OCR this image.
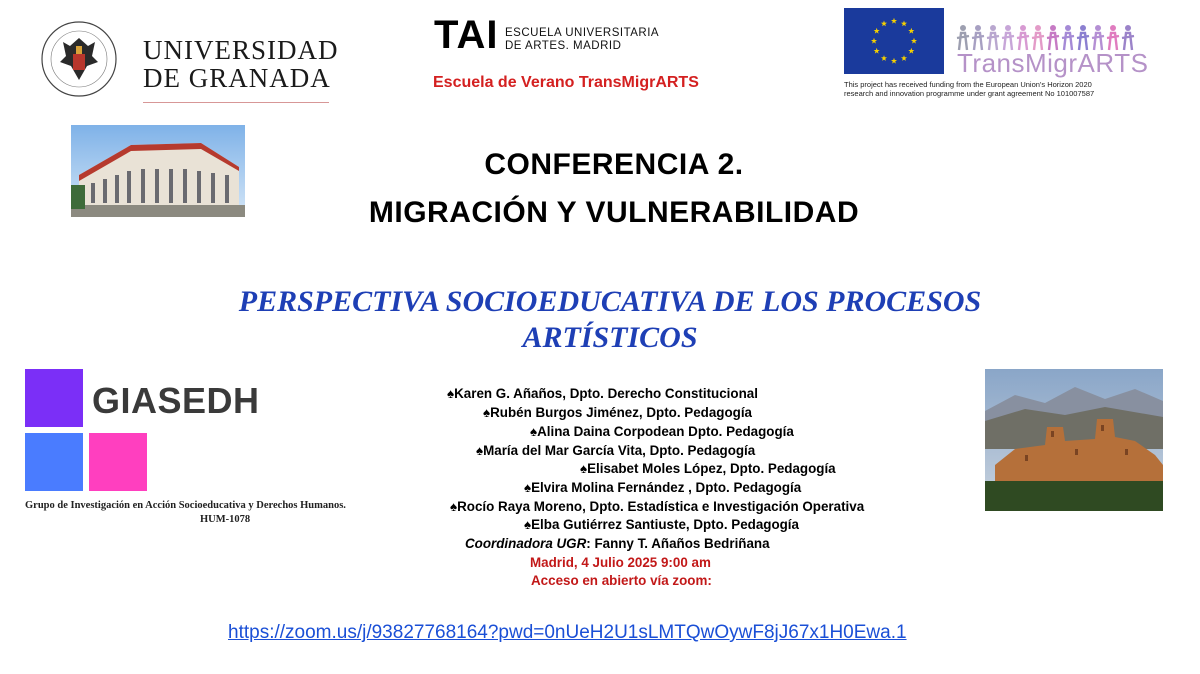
UNIVERSIDAD
DE GRANADA
TAI ESCUELA UNIVERSITARIA
DE ARTES. MADRID
Escuela de Verano TransMigrARTS
TransMigrARTS
This project has received funding from the European Union's Horizon 2020
research and innovation programme under grant agreement No 101007587
CONFERENCIA 2.
MIGRACIÓN Y VULNERABILIDAD
PERSPECTIVA SOCIOEDUCATIVA DE LOS PROCESOS
ARTÍSTICOS
GIASEDH
Grupo de Investigación en Acción Socioeducativa y Derechos Humanos.
HUM-1078
♠Karen G. Añaños, Dpto. Derecho Constitucional
♠Rubén Burgos Jiménez, Dpto. Pedagogía
♠Alina Daina Corpodean Dpto. Pedagogía
♠María del Mar García Vita, Dpto. Pedagogía
♠Elisabet Moles López, Dpto. Pedagogía
♠Elvira Molina Fernández , Dpto. Pedagogía
♠Rocío Raya Moreno, Dpto. Estadística e Investigación Operativa
♠Elba Gutiérrez Santiuste, Dpto. Pedagogía
Coordinadora UGR: Fanny T. Añaños Bedriñana
Madrid, 4 Julio 2025 9:00 am
Acceso en abierto vía zoom:
https://zoom.us/j/93827768164?pwd=0nUeH2U1sLMTQwOywF8jJ67x1H0Ewa.1
